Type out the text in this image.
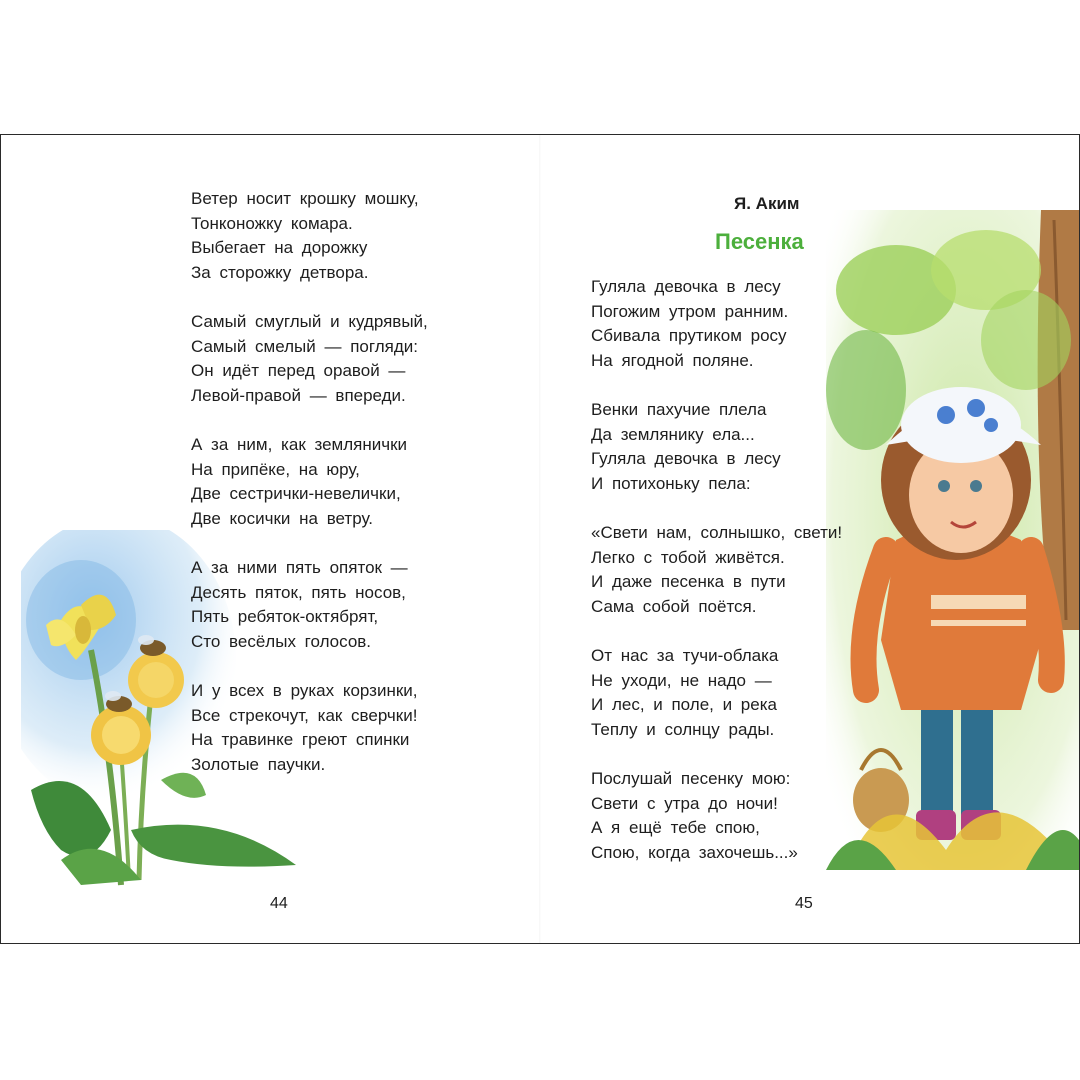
Ветер носит крошку мошку,
Тонконожку комара.
Выбегает на дорожку
За сторожку детвора.
Самый смуглый и кудрявый,
Самый смелый — погляди:
Он идёт перед оравой —
Левой-правой — впереди.
А за ним, как землянички
На припёке, на юру,
Две сестрички-невелички,
Две косички на ветру.
А за ними пять опяток —
Десять пяток, пять носов,
Пять ребяток-октябрят,
Сто весёлых голосов.
И у всех в руках корзинки,
Все стрекочут, как сверчки!
На травинке греют спинки
Золотые паучки.
Я. Аким
Песенка
Гуляла девочка в лесу
Погожим утром ранним.
Сбивала прутиком росу
На ягодной поляне.
Венки пахучие плела
Да землянику ела...
Гуляла девочка в лесу
И потихоньку пела:
«Свети нам, солнышко, свети!
Легко с тобой живётся.
И даже песенка в пути
Сама собой поётся.
От нас за тучи-облака
Не уходи, не надо —
И лес, и поле, и река
Теплу и солнцу рады.
Послушай песенку мою:
Свети с утра до ночи!
А я ещё тебе спою,
Спою, когда захочешь...»
44	45
